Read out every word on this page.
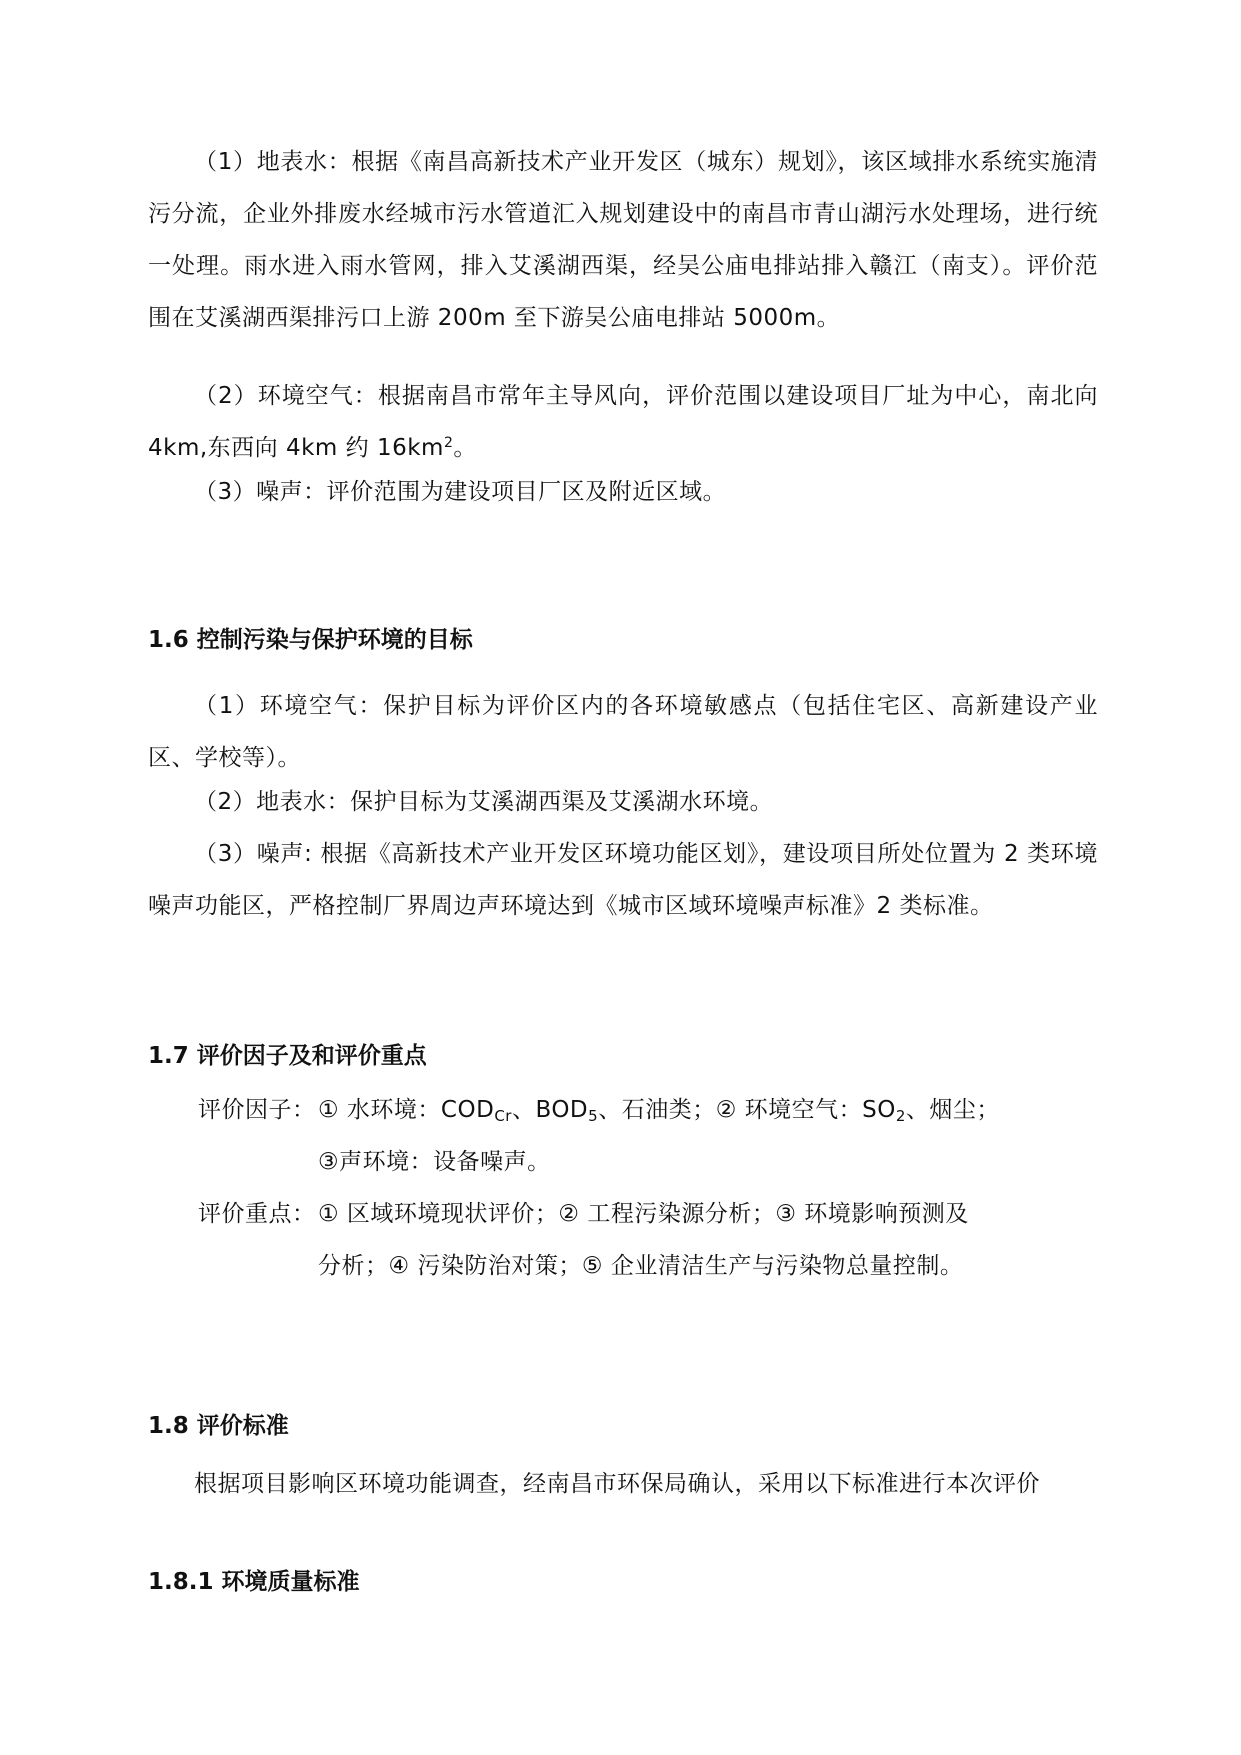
（1）地表水：根据《南昌高新技术产业开发区（城东）规划》，该区域排水系统实施清污分流，企业外排废水经城市污水管道汇入规划建设中的南昌市青山湖污水处理场，进行统一处理。雨水进入雨水管网，排入艾溪湖西渠，经吴公庙电排站排入赣江（南支）。评价范围在艾溪湖西渠排污口上游 200m 至下游吴公庙电排站 5000m。

（2）环境空气：根据南昌市常年主导风向，评价范围以建设项目厂址为中心，南北向 4km,东西向 4km 约 $16km^2$。

（3）噪声：评价范围为建设项目厂区及附近区域。

1.6 控制污染与保护环境的目标

（1）环境空气：保护目标为评价区内的各环境敏感点（包括住宅区、高新建设产业区、学校等）。

（2）地表水：保护目标为艾溪湖西渠及艾溪湖水环境。

（3）噪声: 根据《高新技术产业开发区环境功能区划》，建设项目所处位置为 2 类环境噪声功能区，严格控制厂界周边声环境达到《城市区域环境噪声标准》2 类标准。

1.7 评价因子及和评价重点
评价因子： ① 水环境：$COD_{Cr}$、$BOD_5$、石油类；② 环境空气：$SO_2$、烟尘；
③声环境：设备噪声。
评价重点： ① 区域环境现状评价；② 工程污染源分析；③ 环境影响预测及
分析；④ 污染防治对策；⑤ 企业清洁生产与污染物总量控制。
1.8 评价标准

根据项目影响区环境功能调查，经南昌市环保局确认，采用以下标准进行本次评价

1.8.1 环境质量标准
